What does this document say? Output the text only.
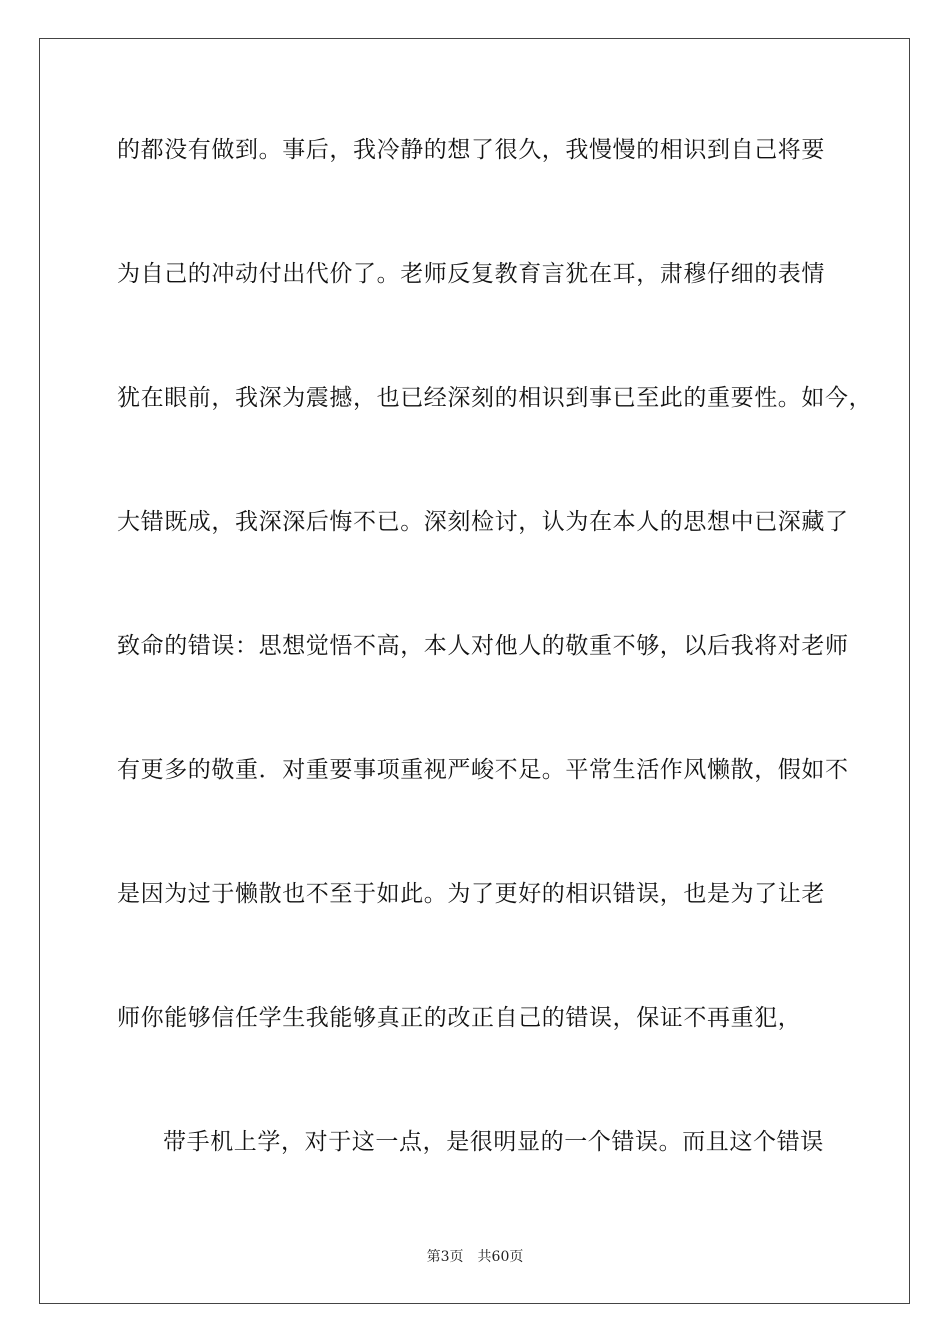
的都没有做到。事后，我冷静的想了很久，我慢慢的相识到自己将要
为自己的冲动付出代价了。老师反复教育言犹在耳，肃穆仔细的表情
犹在眼前，我深为震撼，也已经深刻的相识到事已至此的重要性。如今，
大错既成，我深深后悔不已。深刻检讨，认为在本人的思想中已深藏了
致命的错误：思想觉悟不高，本人对他人的敬重不够，以后我将对老师
有更多的敬重．对重要事项重视严峻不足。平常生活作风懒散，假如不
是因为过于懒散也不至于如此。为了更好的相识错误，也是为了让老
师你能够信任学生我能够真正的改正自己的错误，保证不再重犯，
带手机上学，对于这一点，是很明显的一个错误。而且这个错误
第3页 共60页
